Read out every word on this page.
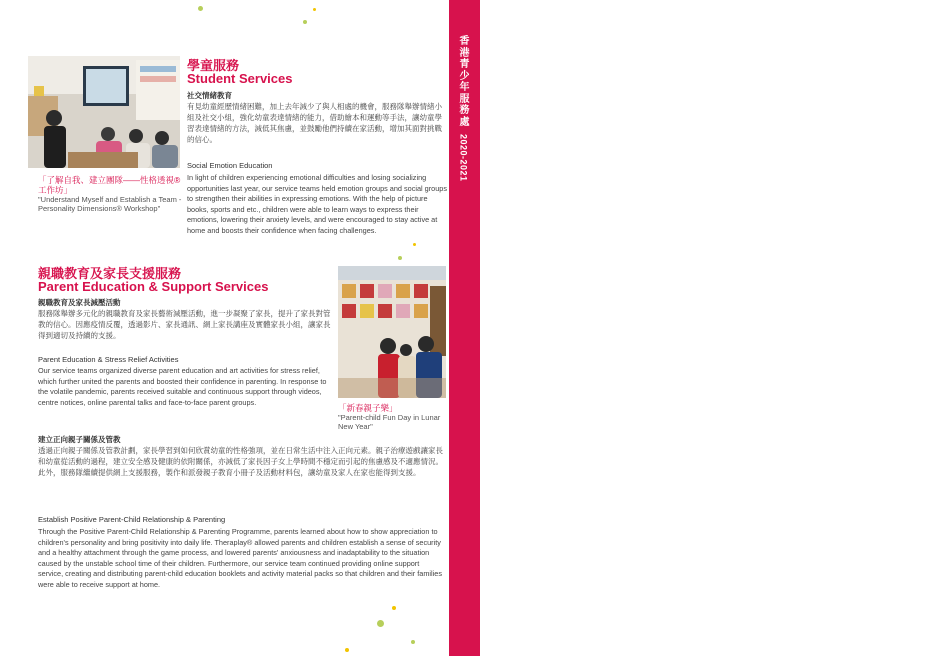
香港青少年服務處
2020-2021
95
「了解自我、建立團隊——性格透視®工作坊」
"Understand Myself and Establish a Team - Personality Dimensions® Workshop"
學童服務
Student Services
社交情緒教育
有見幼童經歷情緒困難，加上去年減少了與人相處的機會，服務隊舉辦情緒小組及社交小組，強化幼童表達情緒的能力，借助繪本和運動等手法，讓幼童學習表達情緒的方法，減低其焦慮，並鼓勵他們持續在家活動，增加其面對挑戰的信心。
Social Emotion Education
In light of children experiencing emotional difficulties and losing socializing opportunities last year, our service teams held emotion groups and social groups to strengthen their abilities in expressing emotions. With the help of picture books, sports and etc., children were able to learn ways to express their emotions, lowering their anxiety levels, and were encouraged to stay active at home and boosts their confidence when facing challenges.
親職教育及家長支援服務
Parent Education & Support Services
親職教育及家長減壓活動
服務隊舉辦多元化的親職教育及家長藝術減壓活動，進一步凝聚了家長，提升了家長對管教的信心。因應疫情反覆，透過影片、家長通訊、網上家長講座及實體家長小組，讓家長得到適切及持續的支援。
Parent Education & Stress Relief Activities
Our service teams organized diverse parent education and art activities for stress relief, which further united the parents and boosted their confidence in parenting. In response to the volatile pandemic, parents received suitable and continuous support through videos, centre notices, online parental talks and face-to-face parent groups.
「新春親子樂」
"Parent-child Fun Day in Lunar New Year"
建立正向親子關係及管教
透過正向親子關係及管教計劃，家長學習到如何欣賞幼童的性格強項，並在日常生活中注入正向元素。親子治療遊戲讓家長和幼童從活動的過程，建立安全感及健康的依附關係，亦減低了家長因子女上學時間不穩定而引起的焦慮感及不適應情況。此外，服務隊繼續提供網上支援服務，製作和派發親子教育小冊子及活動材料包，讓幼童及家人在家也能得到支援。
Establish Positive Parent-Child Relationship & Parenting
Through the Positive Parent-Child Relationship & Parenting Programme, parents learned about how to show appreciation to children's personality and bring positivity into daily life. Theraplay® allowed parents and children establish a sense of security and a healthy attachment through the game process, and lowered parents' anxiousness and inadaptability to the situation caused by the unstable school time of their children. Furthermore, our service team continued providing online support service, creating and distributing parent-child education booklets and activity material packs so that children and their families were able to receive support at home.
